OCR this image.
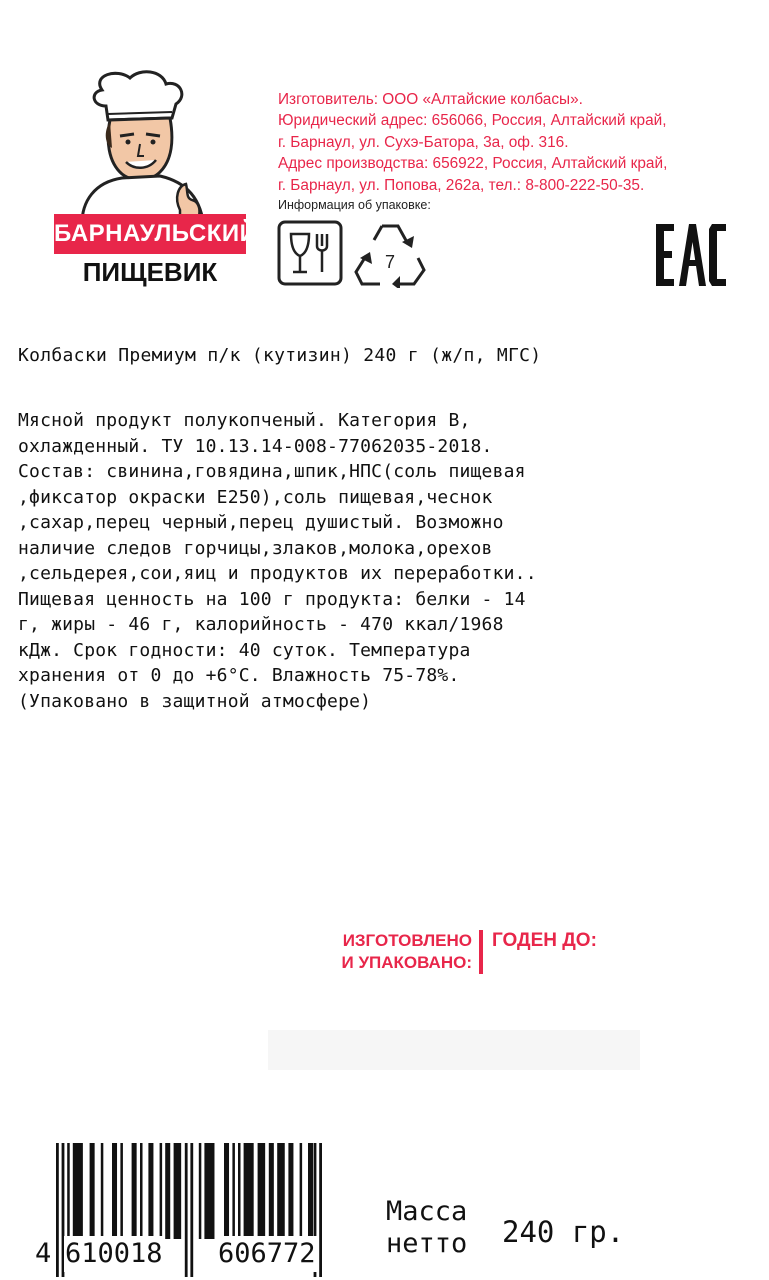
БАРНАУЛЬСКИЙ
ПИЩЕВИК
Изготовитель: ООО «Алтайские колбасы».
Юридический адрес: 656066, Россия, Алтайский край,
г. Барнаул, ул. Сухэ-Батора, 3а, оф. 316.
Адрес производства: 656922, Россия, Алтайский край,
г. Барнаул, ул. Попова, 262а, тел.: 8-800-222-50-35.
Информация об упаковке:
7
Колбаски Премиум п/к (кутизин) 240 г (ж/п, МГС)
Мясной продукт полукопченый. Категория В,
охлажденный. ТУ 10.13.14-008-77062035-2018.
Состав: свинина,говядина,шпик,НПС(соль пищевая
,фиксатор окраски Е250),соль пищевая,чеснок
,сахар,перец черный,перец душистый. Возможно
наличие следов горчицы,злаков,молока,орехов
,сельдерея,сои,яиц и продуктов их переработки..
Пищевая ценность на 100 г продукта: белки - 14
г, жиры - 46 г, калорийность - 470 ккал/1968
кДж. Срок годности: 40 суток. Температура
хранения от 0 до +6°С. Влажность 75-78%.
(Упаковано в защитной атмосфере)
ИЗГОТОВЛЕНО
И УПАКОВАНО:
ГОДЕН ДО:
4 610018 606772
Масса
нетто 240 гр.
